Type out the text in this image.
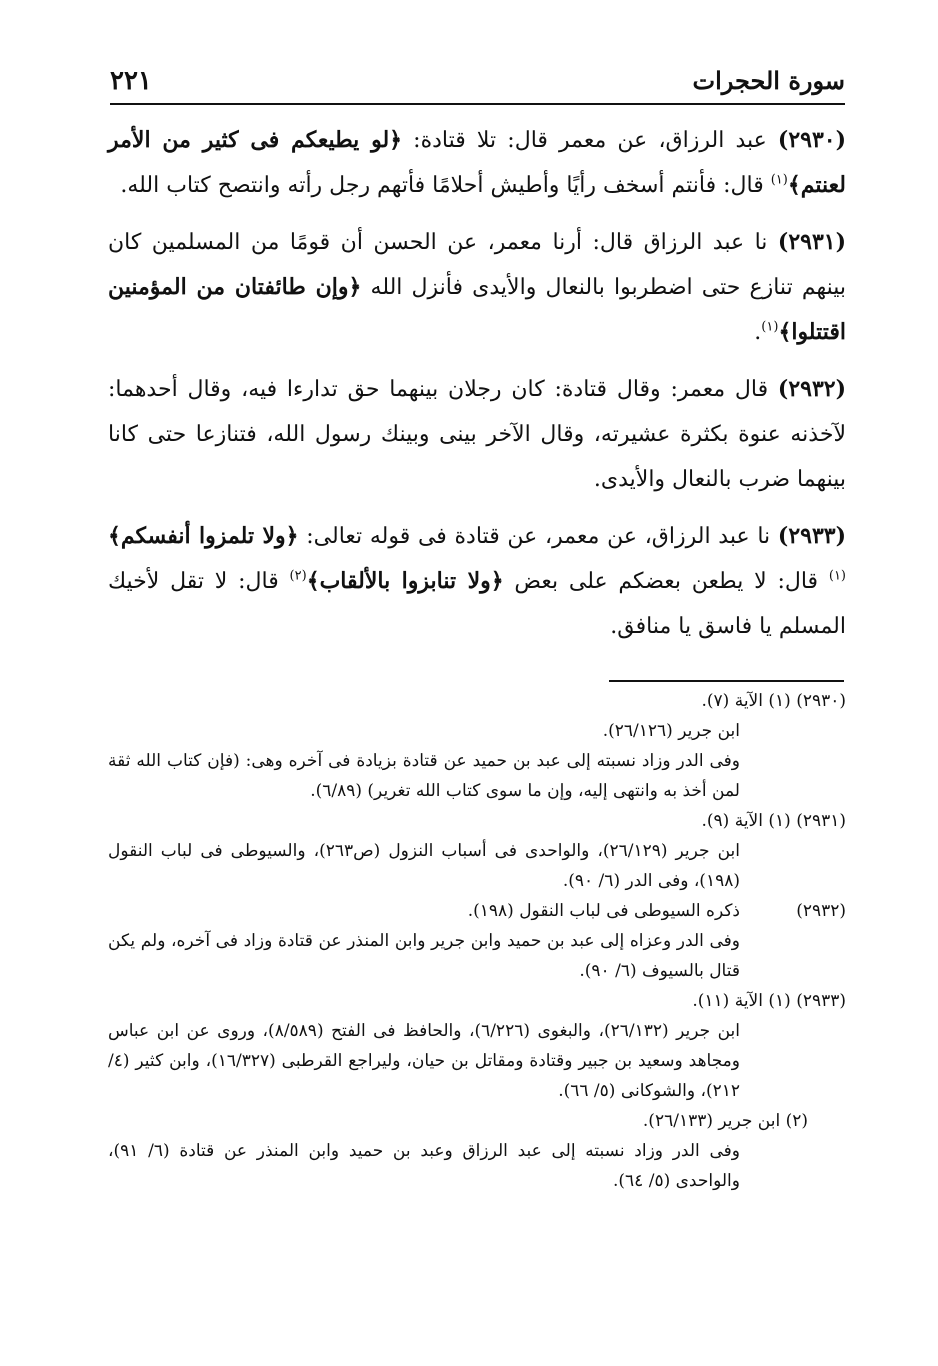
سورة الحجرات
٢٢١

(٢٩٣٠) عبد الرزاق، عن معمر قال: تلا قتادة: ﴿لو يطيعكم فى كثير من الأمر لعنتم﴾$^{(١)}$ قال: فأنتم أسخف رأيًا وأطيش أحلامًا فأتهم رجل رأته وانتصح كتاب الله.

(٢٩٣١) نا عبد الرزاق قال: أرنا معمر، عن الحسن أن قومًا من المسلمين كان بينهم تنازع حتى اضطربوا بالنعال والأيدى فأنزل الله ﴿وإن طائفتان من المؤمنين اقتتلوا﴾$^{(١)}$.

(٢٩٣٢) قال معمر: وقال قتادة: كان رجلان بينهما حق تدارءا فيه، وقال أحدهما: لآخذنه عنوة بكثرة عشيرته، وقال الآخر بينى وبينك رسول الله، فتنازعا حتى كانا بينهما ضرب بالنعال والأيدى.

(٢٩٣٣) نا عبد الرزاق، عن معمر، عن قتادة فى قوله تعالى: ﴿ولا تلمزوا أنفسكم﴾$^{(١)}$ قال: لا يطعن بعضكم على بعض ﴿ولا تنابزوا بالألقاب﴾$^{(٢)}$ قال: لا تقل لأخيك المسلم يا فاسق يا منافق.

(٢٩٣٠) (١) الآية (٧).

ابن جرير (٢٦/١٢٦).

وفى الدر وزاد نسبته إلى عبد بن حميد عن قتادة بزيادة فى آخره وهى: (فإن كتاب الله ثقة لمن أخذ به وانتهى إليه، وإن ما سوى كتاب الله تغرير) (٦/٨٩).

(٢٩٣١) (١) الآية (٩).

ابن جرير (٢٦/١٢٩)، والواحدى فى أسباب النزول (ص٢٦٣)، والسيوطى فى لباب النقول (١٩٨)، وفى الدر (٦/ ٩٠).

(٢٩٣٢)ذكره السيوطى فى لباب النقول (١٩٨).

وفى الدر وعزاه إلى عبد بن حميد وابن جرير وابن المنذر عن قتادة وزاد فى آخره، ولم يكن قتال بالسيوف (٦/ ٩٠).

(٢٩٣٣) (١) الآية (١١).

ابن جرير (٢٦/١٣٢)، والبغوى (٦/٢٢٦)، والحافظ فى الفتح (٨/٥٨٩)، وروى عن ابن عباس ومجاهد وسعيد بن جبير وقتادة ومقاتل بن حيان، وليراجع القرطبى (١٦/٣٢٧)، وابن كثير (٤/ ٢١٢)، والشوكانى (٥/ ٦٦).

(٢) ابن جرير (٢٦/١٣٣).

وفى الدر وزاد نسبته إلى عبد الرزاق وعبد بن حميد وابن المنذر عن قتادة (٦/ ٩١)، والواحدى (٥/ ٦٤).
